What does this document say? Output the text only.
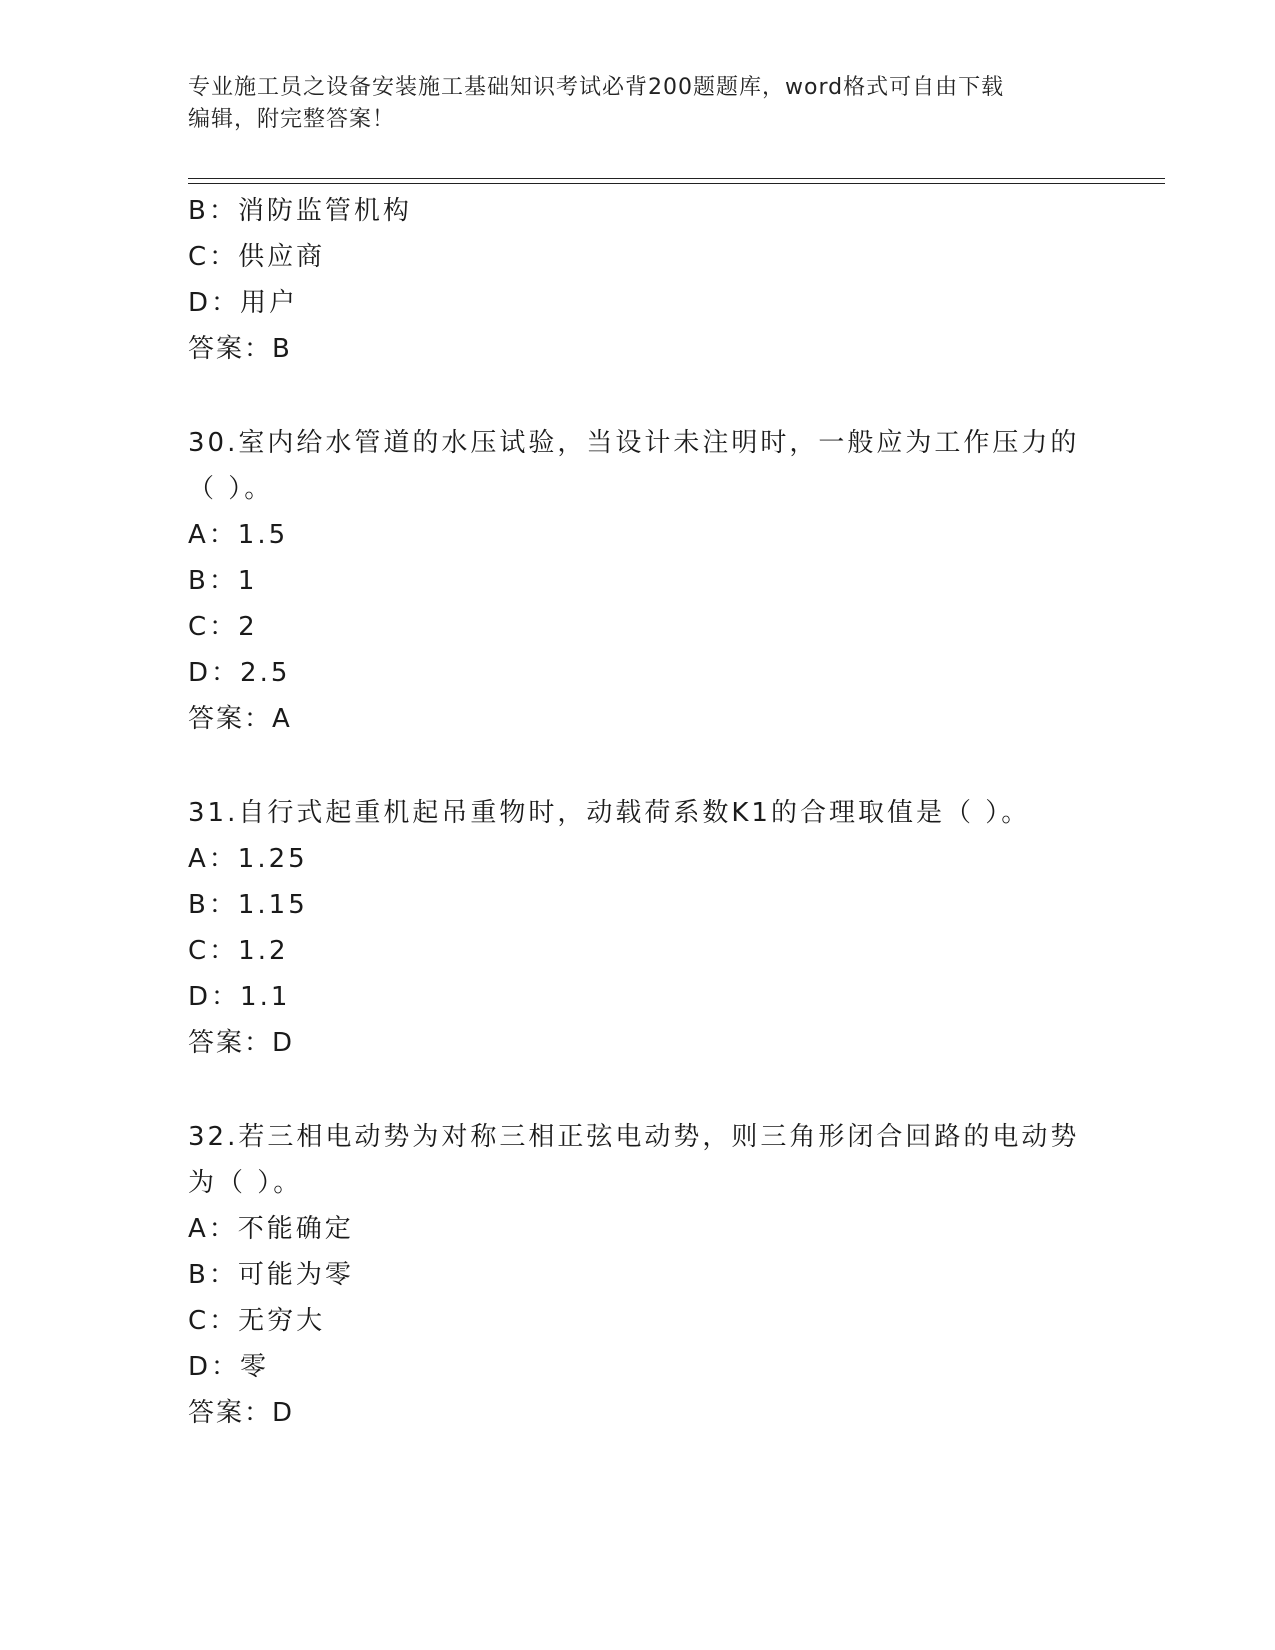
专业施工员之设备安装施工基础知识考试必背200题题库，word格式可自由下载
编辑，附完整答案！
B：消防监管机构
C：供应商
D：用户
答案：B
30.室内给水管道的水压试验，当设计未注明时，一般应为工作压力的
（ ）。
A：1.5
B：1
C：2
D：2.5
答案：A
31.自行式起重机起吊重物时，动载荷系数K1的合理取值是（ ）。
A：1.25
B：1.15
C：1.2
D：1.1
答案：D
32.若三相电动势为对称三相正弦电动势，则三角形闭合回路的电动势
为（ ）。
A：不能确定
B：可能为零
C：无穷大
D：零
答案：D
